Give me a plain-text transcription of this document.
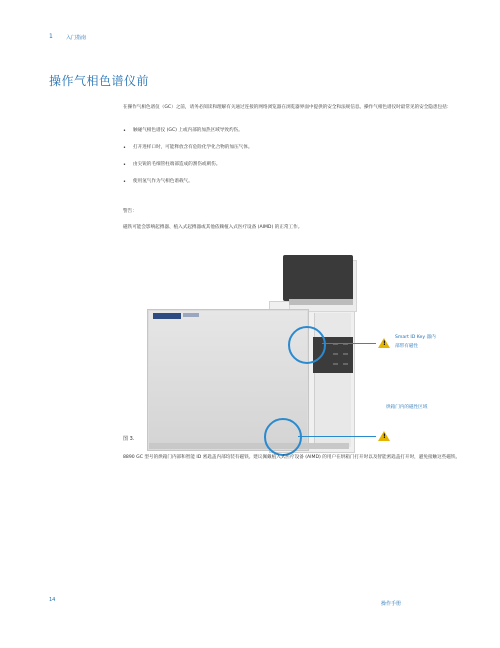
1	入门指南
操作气相色谱仪前
在操作气相色谱仪（GC）之前，请务必阅读和理解有关通过连接的网络浏览器在浏览器界面中提供的安全和法规信息。操作气相色谱仪时最常见的安全隐患包括：
• 触碰气相色谱仪 (GC) 上或内部的加热区域导致灼伤。
• 打开进样口时，可能释放含有危险化学化合物的加压气体。
• 由尖锐的毛细管柱端部造成的割伤或刺伤。
• 使用氢气作为气相色谱载气。
警告：
磁铁可能会影响起搏器、植入式起搏器或其他依赖植入式医疗设备 (AIMD) 的正常工作。
!
!
Smart ID Key 器内
部带有磁性
烘箱门内的磁性区域
图 3.
8890 GC 型号的烘箱门内部和智能 ID 密匙盖内部均装有磁铁。建议佩戴植入式医疗设备 (AIMD) 的用户在烘箱门打开时以及智能密匙盖打开时，避免接触这些磁铁。
14
操作手册
